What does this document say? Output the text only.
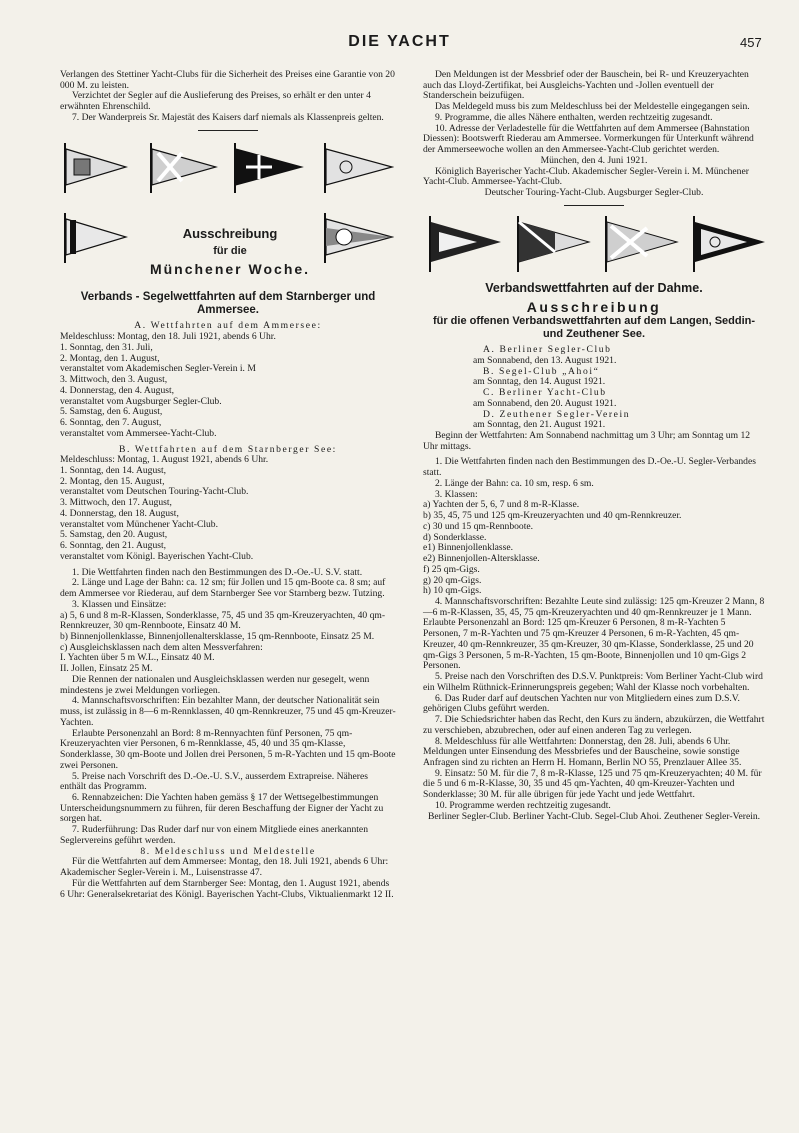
DIE YACHT	457

Verlangen des Stettiner Yacht-Clubs für die Sicherheit des Preises eine Garantie von 20 000 M. zu leisten.

Verzichtet der Segler auf die Auslieferung des Preises, so erhält er den unter 4 erwähnten Ehrenschild.

7. Der Wanderpreis Sr. Majestät des Kaisers darf niemals als Klassenpreis gelten.

Ausschreibung
für die
Münchener Woche.

Verbands - Segelwettfahrten auf dem Starnberger und Ammersee.

A. Wettfahrten auf dem Ammersee:

Meldeschluss: Montag, den 18. Juli 1921, abends 6 Uhr.

1. Sonntag, den 31. Juli,

2. Montag, den 1. August,

veranstaltet vom Akademischen Segler-Verein i. M

3. Mittwoch, den 3. August,

4. Donnerstag, den 4. August,

veranstaltet vom Augsburger Segler-Club.

5. Samstag, den 6. August,

6. Sonntag, den 7. August,

veranstaltet vom Ammersee-Yacht-Club.

B. Wettfahrten auf dem Starnberger See:

Meldeschluss: Montag, 1. August 1921, abends 6 Uhr.

1. Sonntag, den 14. August,

2. Montag, den 15. August,

veranstaltet vom Deutschen Touring-Yacht-Club.

3. Mittwoch, den 17. August,

4. Donnerstag, den 18. August,

veranstaltet vom Münchener Yacht-Club.

5. Samstag, den 20. August,

6. Sonntag, den 21. August,

veranstaltet vom Königl. Bayerischen Yacht-Club.

1. Die Wettfahrten finden nach den Bestimmungen des D.-Oe.-U. S.V. statt.

2. Länge und Lage der Bahn: ca. 12 sm; für Jollen und 15 qm-Boote ca. 8 sm; auf dem Ammersee vor Riederau, auf dem Starnberger See vor Starnberg bezw. Tutzing.

3. Klassen und Einsätze:

a) 5, 6 und 8 m-R-Klassen, Sonderklasse, 75, 45 und 35 qm-Kreuzeryachten, 40 qm-Rennkreuzer, 30 qm-Rennboote, Einsatz 40 M.

b) Binnenjollenklasse, Binnenjollenaltersklasse, 15 qm-Rennboote, Einsatz 25 M.

c) Ausgleichsklassen nach dem alten Messverfahren:

I. Yachten über 5 m W.L., Einsatz 40 M.

II. Jollen, Einsatz 25 M.

Die Rennen der nationalen und Ausgleichsklassen werden nur gesegelt, wenn mindestens je zwei Meldungen vorliegen.

4. Mannschaftsvorschriften: Ein bezahlter Mann, der deutscher Nationalität sein muss, ist zulässig in 8—6 m-Rennklassen, 40 qm-Rennkreuzer, 75 und 45 qm-Kreuzer-Yachten.

Erlaubte Personenzahl an Bord: 8 m-Rennyachten fünf Personen, 75 qm-Kreuzeryachten vier Personen, 6 m-Rennklasse, 45, 40 und 35 qm-Klasse, Sonderklasse, 30 qm-Boote und Jollen drei Personen, 5 m-R-Yachten und 15 qm-Boote zwei Personen.

5. Preise nach Vorschrift des D.-Oe.-U. S.V., ausserdem Extrapreise. Näheres enthält das Programm.

6. Rennabzeichen: Die Yachten haben gemäss § 17 der Wettsegelbestimmungen Unterscheidungsnummern zu führen, für deren Beschaffung der Eigner der Yacht zu sorgen hat.

7. Ruderführung: Das Ruder darf nur von einem Mitgliede eines anerkannten Seglervereins geführt werden.

8. Meldeschluss und Meldestelle

Für die Wettfahrten auf dem Ammersee: Montag, den 18. Juli 1921, abends 6 Uhr: Akademischer Segler-Verein i. M., Luisenstrasse 47.

Für die Wettfahrten auf dem Starnberger See: Montag, den 1. August 1921, abends 6 Uhr: Generalsekretariat des Königl. Bayerischen Yacht-Clubs, Viktualienmarkt 12 II.

Den Meldungen ist der Messbrief oder der Bauschein, bei R- und Kreuzeryachten auch das Lloyd-Zertifikat, bei Ausgleichs-Yachten und -Jollen eventuell der Standerschein beizufügen.

Das Meldegeld muss bis zum Meldeschluss bei der Meldestelle eingegangen sein.

9. Programme, die alles Nähere enthalten, werden rechtzeitig zugesandt.

10. Adresse der Verladestelle für die Wettfahrten auf dem Ammersee (Bahnstation Diessen): Bootswerft Riederau am Ammersee. Vormerkungen für Unterkunft während der Ammerseewoche wollen an den Ammersee-Yacht-Club gerichtet werden.

München, den 4. Juni 1921.

Königlich Bayerischer Yacht-Club. Akademischer Segler-Verein i. M. Münchener Yacht-Club. Ammersee-Yacht-Club.

Deutscher Touring-Yacht-Club. Augsburger Segler-Club.

Verbandswettfahrten auf der Dahme.

Ausschreibung

für die offenen Verbandswettfahrten auf dem Langen, Seddin- und Zeuthener See.

A. Berliner Segler-Club

am Sonnabend, den 13. August 1921.

B. Segel-Club „Ahoi“

am Sonntag, den 14. August 1921.

C. Berliner Yacht-Club

am Sonnabend, den 20. August 1921.

D. Zeuthener Segler-Verein

am Sonntag, den 21. August 1921.

Beginn der Wettfahrten: Am Sonnabend nachmittag um 3 Uhr; am Sonntag um 12 Uhr mittags.

1. Die Wettfahrten finden nach den Bestimmungen des D.-Oe.-U. Segler-Verbandes statt.

2. Länge der Bahn: ca. 10 sm, resp. 6 sm.

3. Klassen:

a) Yachten der 5, 6, 7 und 8 m-R-Klasse.

b) 35, 45, 75 und 125 qm-Kreuzeryachten und 40 qm-Rennkreuzer.

c) 30 und 15 qm-Rennboote.

d) Sonderklasse.

e1) Binnenjollenklasse.

e2) Binnenjollen-Altersklasse.

f) 25 qm-Gigs.

g) 20 qm-Gigs.

h) 10 qm-Gigs.

4. Mannschaftsvorschriften: Bezahlte Leute sind zulässig: 125 qm-Kreuzer 2 Mann, 8—6 m-R-Klassen, 35, 45, 75 qm-Kreuzeryachten und 40 qm-Rennkreuzer je 1 Mann. Erlaubte Personenzahl an Bord: 125 qm-Kreuzer 6 Personen, 8 m-R-Yachten 5 Personen, 7 m-R-Yachten und 75 qm-Kreuzer 4 Personen, 6 m-R-Yachten, 45 qm-Kreuzer, 40 qm-Rennkreuzer, 35 qm-Kreuzer, 30 qm-Klasse, Sonderklasse, 25 und 20 qm-Gigs 3 Personen, 5 m-R-Yachten, 15 qm-Boote, Binnenjollen und 10 qm-Gigs 2 Personen.

5. Preise nach den Vorschriften des D.S.V. Punktpreis: Vom Berliner Yacht-Club wird ein Wilhelm Rüthnick-Erinnerungspreis gegeben; Wahl der Klasse noch vorbehalten.

6. Das Ruder darf auf deutschen Yachten nur von Mitgliedern eines zum D.S.V. gehörigen Clubs geführt werden.

7. Die Schiedsrichter haben das Recht, den Kurs zu ändern, abzukürzen, die Wettfahrt zu verschieben, abzubrechen, oder auf einen anderen Tag zu verlegen.

8. Meldeschluss für alle Wettfahrten: Donnerstag, den 28. Juli, abends 6 Uhr. Meldungen unter Einsendung des Messbriefes und der Bauscheine, sowie sonstige Anfragen sind zu richten an Herrn H. Homann, Berlin NO 55, Prenzlauer Allee 35.

9. Einsatz: 50 M. für die 7, 8 m-R-Klasse, 125 und 75 qm-Kreuzeryachten; 40 M. für die 5 und 6 m-R-Klasse, 30, 35 und 45 qm-Yachten, 40 qm-Kreuzer-Yachten und Sonderklasse; 30 M. für alle übrigen für jede Yacht und jede Wettfahrt.

10. Programme werden rechtzeitig zugesandt.

Berliner Segler-Club. Berliner Yacht-Club. Segel-Club Ahoi. Zeuthener Segler-Verein.
